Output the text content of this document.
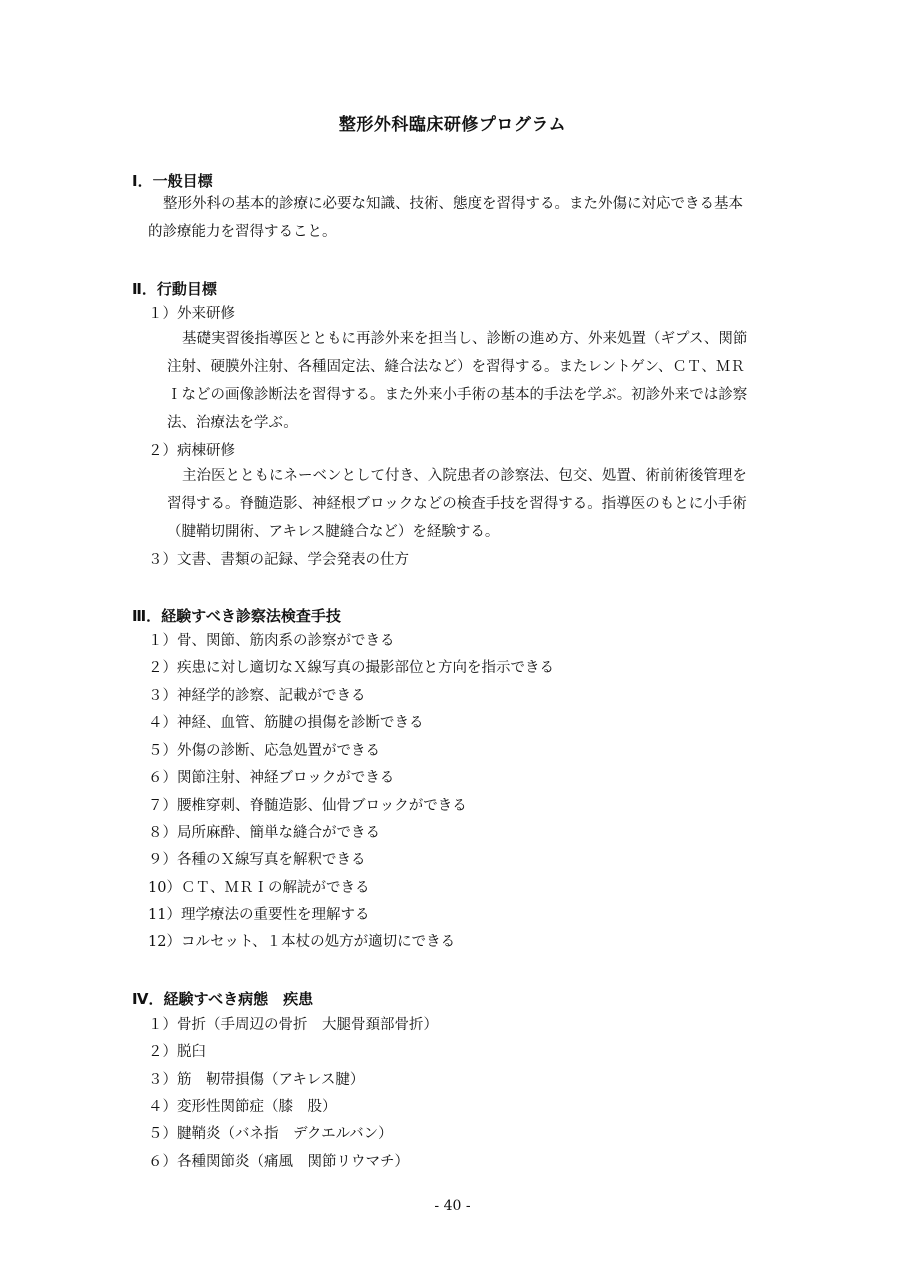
整形外科臨床研修プログラム
Ⅰ．一般目標
整形外科の基本的診療に必要な知識、技術、態度を習得する。また外傷に対応できる基本
的診療能力を習得すること。
Ⅱ．行動目標
１）外来研修
基礎実習後指導医とともに再診外来を担当し、診断の進め方、外来処置（ギプス、関節
注射、硬膜外注射、各種固定法、縫合法など）を習得する。またレントゲン、ＣＴ、ＭＲ
Ｉなどの画像診断法を習得する。また外来小手術の基本的手法を学ぶ。初診外来では診察
法、治療法を学ぶ。
２）病棟研修
主治医とともにネーベンとして付き、入院患者の診察法、包交、処置、術前術後管理を
習得する。脊髄造影、神経根ブロックなどの検査手技を習得する。指導医のもとに小手術
（腱鞘切開術、アキレス腱縫合など）を経験する。
３）文書、書類の記録、学会発表の仕方
Ⅲ．経験すべき診察法検査手技
１）骨、関節、筋肉系の診察ができる
２）疾患に対し適切なＸ線写真の撮影部位と方向を指示できる
３）神経学的診察、記載ができる
４）神経、血管、筋腱の損傷を診断できる
５）外傷の診断、応急処置ができる
６）関節注射、神経ブロックができる
７）腰椎穿刺、脊髄造影、仙骨ブロックができる
８）局所麻酔、簡単な縫合ができる
９）各種のＸ線写真を解釈できる
10）ＣＴ、ＭＲＩの解読ができる
11）理学療法の重要性を理解する
12）コルセット、１本杖の処方が適切にできる
Ⅳ．経験すべき病態　疾患
１）骨折（手周辺の骨折　大腿骨頚部骨折）
２）脱臼
３）筋　靭帯損傷（アキレス腱）
４）変形性関節症（膝　股）
５）腱鞘炎（バネ指　デクエルバン）
６）各種関節炎（痛風　関節リウマチ）
- 40 -
